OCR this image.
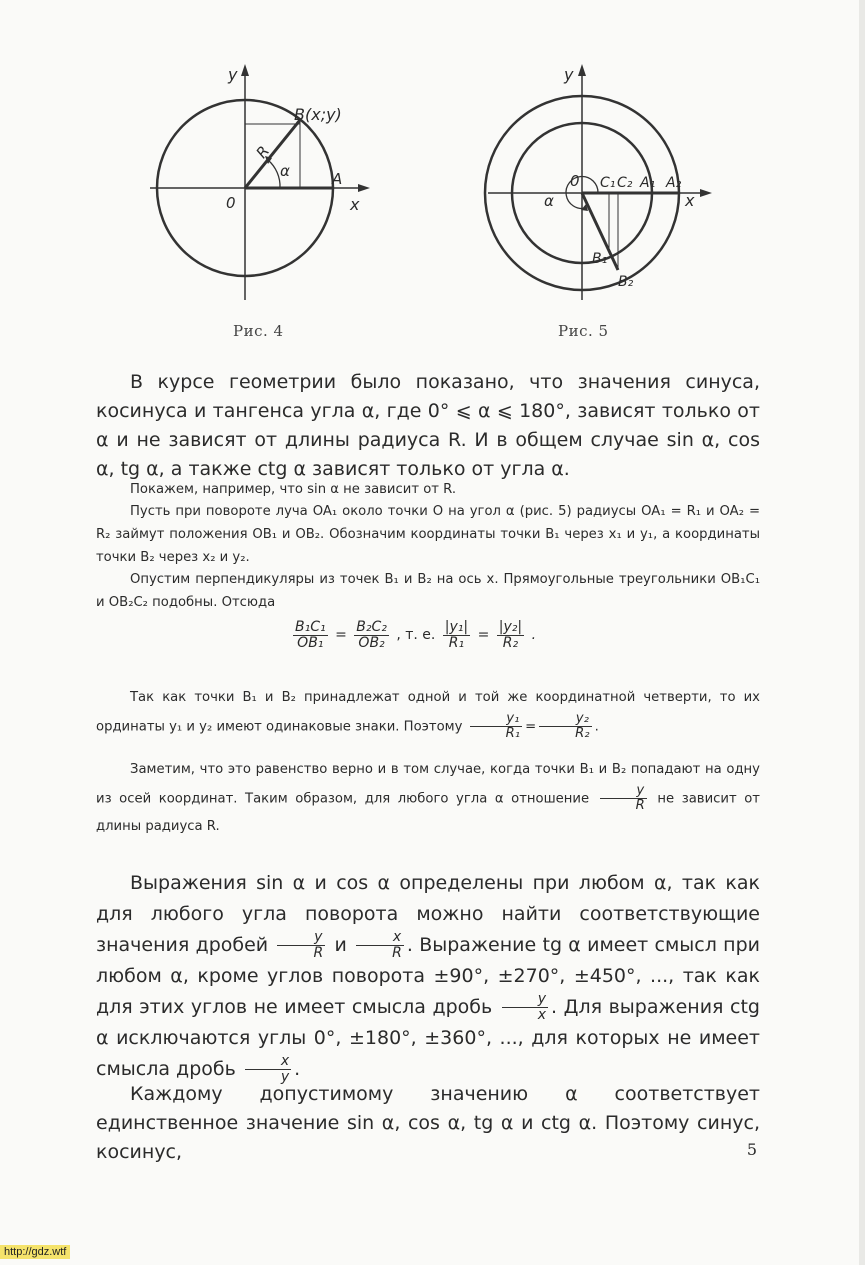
y
x
0
A
B(x;y)
R
α
Рис. 4
y
x
0 C₁ C₂ A₁ A₂
α
B₁
B₂
Рис. 5
В курсе геометрии было показано, что значения синуса, косинуса и тангенса угла α, где 0° ⩽ α ⩽ 180°, зависят только от α и не зависят от длины радиуса R. И в общем случае sin α, cos α, tg α, а также ctg α зависят только от угла α.
Покажем, например, что sin α не зависит от R.
Пусть при повороте луча OA₁ около точки O на угол α (рис. 5) радиусы OA₁ = R₁ и OA₂ = R₂ займут положения OB₁ и OB₂. Обозначим координаты точки B₁ через x₁ и y₁, а координаты точки B₂ через x₂ и y₂.
Опустим перпендикуляры из точек B₁ и B₂ на ось x. Прямоугольные треугольники OB₁C₁ и OB₂C₂ подобны. Отсюда
$\frac{\text{B₁C₁}}{\text{OB₁}} = \frac{\text{B₂C₂}}{\text{OB₂}}$ , т. е. $\frac{\text{|y₁|}}{\text{R₁}} = \frac{\text{|y₂|}}{\text{R₂}}$ .
Так как точки B₁ и B₂ принадлежат одной и той же координатной четверти, то их ординаты y₁ и y₂ имеют одинаковые знаки. Поэтому $\frac{\text{y₁}}{\text{R₁}} = \frac{\text{y₂}}{\text{R₂}}$ .
Заметим, что это равенство верно и в том случае, когда точки B₁ и B₂ попадают на одну из осей координат. Таким образом, для любого угла α отношение $\frac{y}{R}$ не зависит от длины радиуса R.
Выражения sin α и cos α определены при любом α, так как для любого угла поворота можно найти соответствующие значения дробей $\frac{y}{R}$ и $\frac{x}{R}$ . Выражение tg α имеет смысл при любом α, кроме углов поворота ±90°, ±270°, ±450°, ..., так как для этих углов не имеет смысла дробь $\frac{y}{x}$ . Для выражения ctg α исключаются углы 0°, ±180°, ±360°, ..., для которых не имеет смысла дробь $\frac{x}{y}$ .
Каждому допустимому значению α соответствует единственное значение sin α, cos α, tg α и ctg α. Поэтому синус, косинус,	5
http://gdz.wtf
